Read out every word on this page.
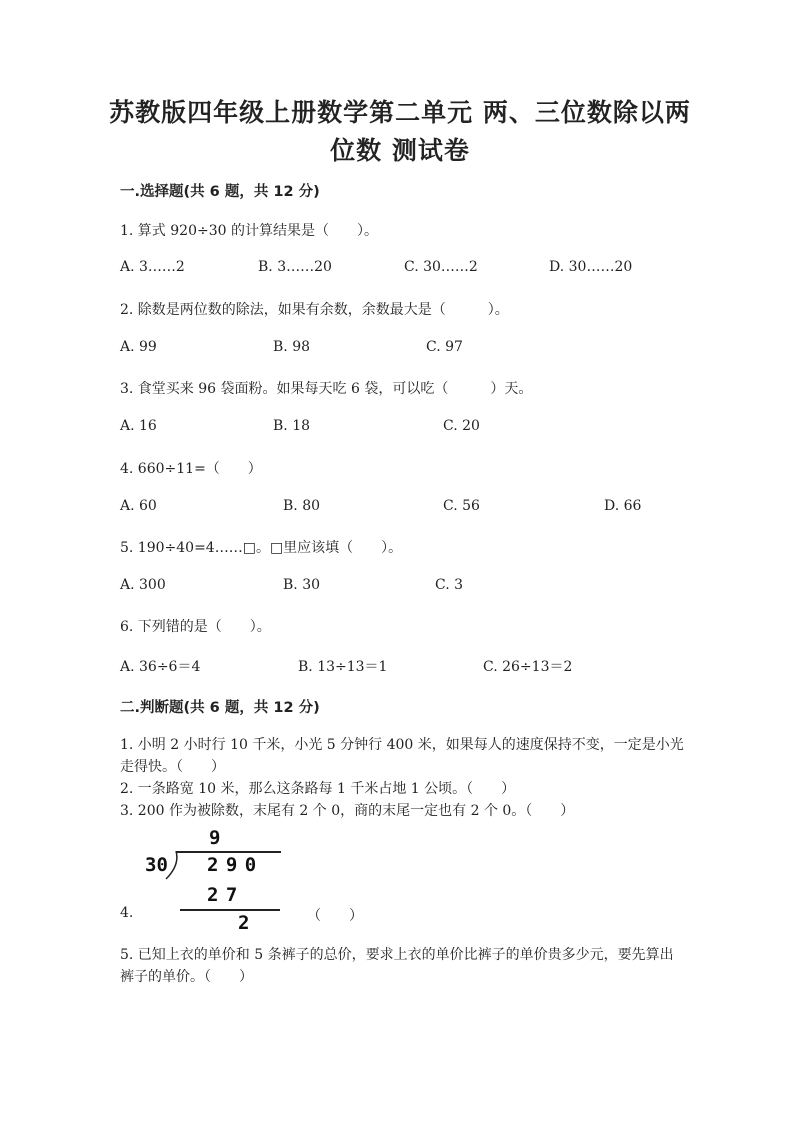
苏教版四年级上册数学第二单元 两、三位数除以两
位数 测试卷
一.选择题(共 6 题，共 12 分)
1. 算式 920÷30 的计算结果是（　　）。
A. 3……2	B. 3……20	C. 30……2	D. 30……20
2. 除数是两位数的除法，如果有余数，余数最大是（　　　）。
A. 99	B. 98	C. 97
3. 食堂买来 96 袋面粉。如果每天吃 6 袋，可以吃（　　　）天。
A. 16	B. 18	C. 20
4. 660÷11=（　　）
A. 60	B. 80	C. 56	D. 66
5. 190÷40=4……□。□里应该填（　　）。
A. 300	B. 30	C. 3
6. 下列错的是（　　）。
A. 36÷6＝4	B. 13÷13＝1	C. 26÷13＝2
二.判断题(共 6 题，共 12 分)
1. 小明 2 小时行 10 千米，小光 5 分钟行 400 米，如果每人的速度保持不变，一定是小光走得快。（　　）
2. 一条路宽 10 米，那么这条路每 1 千米占地 1 公顷。（　　）
3. 200 作为被除数，末尾有 2 个 0，商的末尾一定也有 2 个 0。（　　）
9
30 2 9 0
2 7
2
4.	（　　）
5. 已知上衣的单价和 5 条裤子的总价，要求上衣的单价比裤子的单价贵多少元，要先算出裤子的单价。（　　）
